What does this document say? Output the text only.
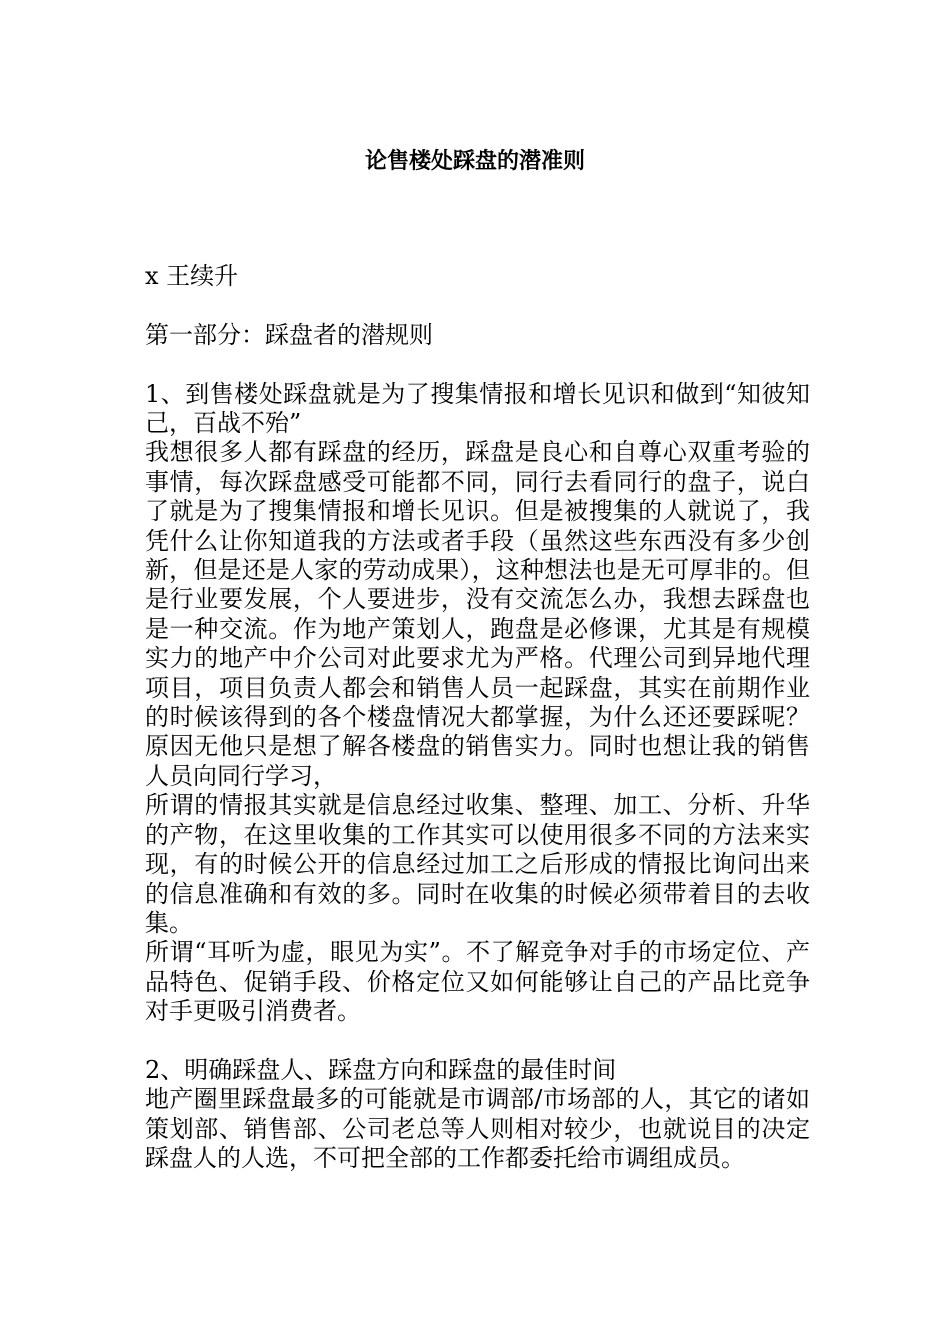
论售楼处踩盘的潜准则

x 王续升

第一部分：踩盘者的潜规则

1、到售楼处踩盘就是为了搜集情报和增长见识和做到“知彼知己，百战不殆”

我想很多人都有踩盘的经历，踩盘是良心和自尊心双重考验的事情，每次踩盘感受可能都不同，同行去看同行的盘子，说白了就是为了搜集情报和增长见识。但是被搜集的人就说了，我凭什么让你知道我的方法或者手段（虽然这些东西没有多少创新，但是还是人家的劳动成果），这种想法也是无可厚非的。但是行业要发展，个人要进步，没有交流怎么办，我想去踩盘也是一种交流。作为地产策划人，跑盘是必修课，尤其是有规模实力的地产中介公司对此要求尤为严格。代理公司到异地代理项目，项目负责人都会和销售人员一起踩盘，其实在前期作业的时候该得到的各个楼盘情况大都掌握，为什么还还要踩呢？原因无他只是想了解各楼盘的销售实力。同时也想让我的销售人员向同行学习，

所谓的情报其实就是信息经过收集、整理、加工、分析、升华的产物，在这里收集的工作其实可以使用很多不同的方法来实现，有的时候公开的信息经过加工之后形成的情报比询问出来的信息准确和有效的多。同时在收集的时候必须带着目的去收集。

所谓“耳听为虚，眼见为实”。不了解竞争对手的市场定位、产品特色、促销手段、价格定位又如何能够让自己的产品比竞争对手更吸引消费者。

2、明确踩盘人、踩盘方向和踩盘的最佳时间

地产圈里踩盘最多的可能就是市调部/市场部的人，其它的诸如策划部、销售部、公司老总等人则相对较少，也就说目的决定踩盘人的人选，不可把全部的工作都委托给市调组成员。
